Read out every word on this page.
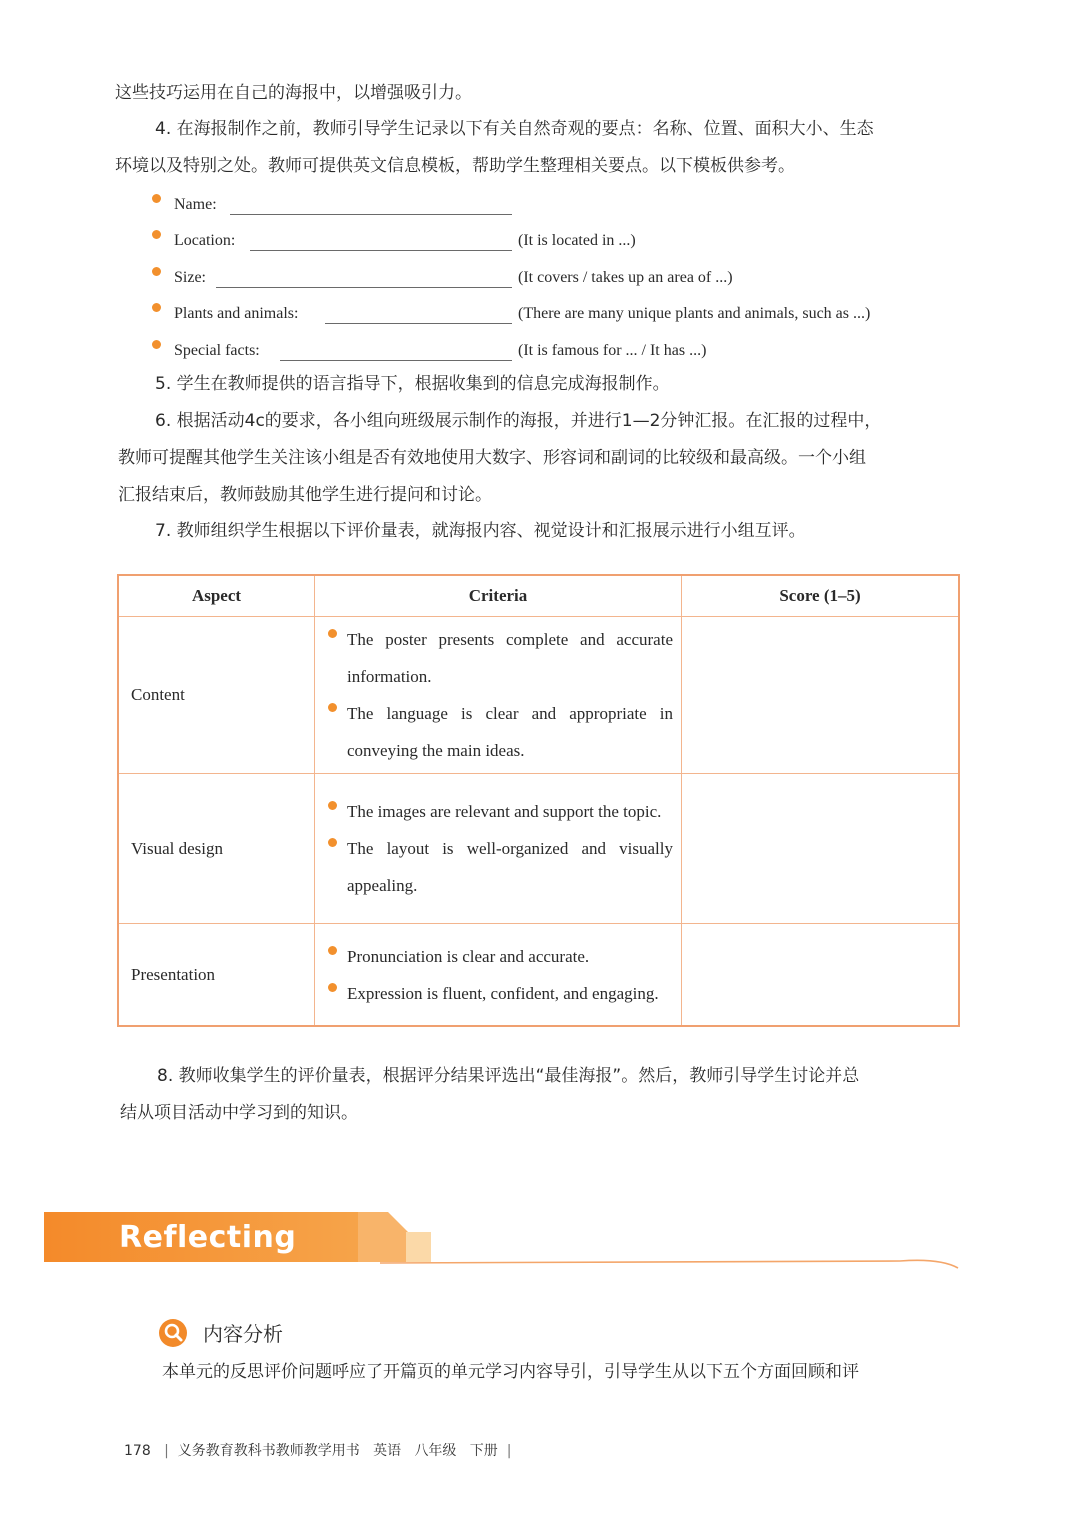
这些技巧运用在自己的海报中，以增强吸引力。

4. 在海报制作之前，教师引导学生记录以下有关自然奇观的要点：名称、位置、面积大小、生态

环境以及特别之处。教师可提供英文信息模板，帮助学生整理相关要点。以下模板供参考。

Name:
Location:	(It is located in ...)
Size:	(It covers / takes up an area of ...)
Plants and animals:	(There are many unique plants and animals, such as ...)
Special facts:	(It is famous for ... / It has ...)

5. 学生在教师提供的语言指导下，根据收集到的信息完成海报制作。

6. 根据活动4c的要求，各小组向班级展示制作的海报，并进行1—2分钟汇报。在汇报的过程中，

教师可提醒其他学生关注该小组是否有效地使用大数字、形容词和副词的比较级和最高级。一个小组

汇报结束后，教师鼓励其他学生进行提问和讨论。

7. 教师组织学生根据以下评价量表，就海报内容、视觉设计和汇报展示进行小组互评。

Aspect	Criteria	Score (1–5)
Content	The poster presents complete and accurate information.
The language is clear and appropriate in conveying the main ideas.	

Visual design	The images are relevant and support the topic.
The layout is well-organized and visually appealing.	

Presentation	Pronunciation is clear and accurate.
Expression is fluent, confident, and engaging.	

8. 教师收集学生的评价量表，根据评分结果评选出“最佳海报”。然后，教师引导学生讨论并总

结从项目活动中学习到的知识。

Reflecting
内容分析

本单元的反思评价问题呼应了开篇页的单元学习内容导引，引导学生从以下五个方面回顾和评

178 | 义务教育教科书教师教学用书 英语 八年级 下册 |
